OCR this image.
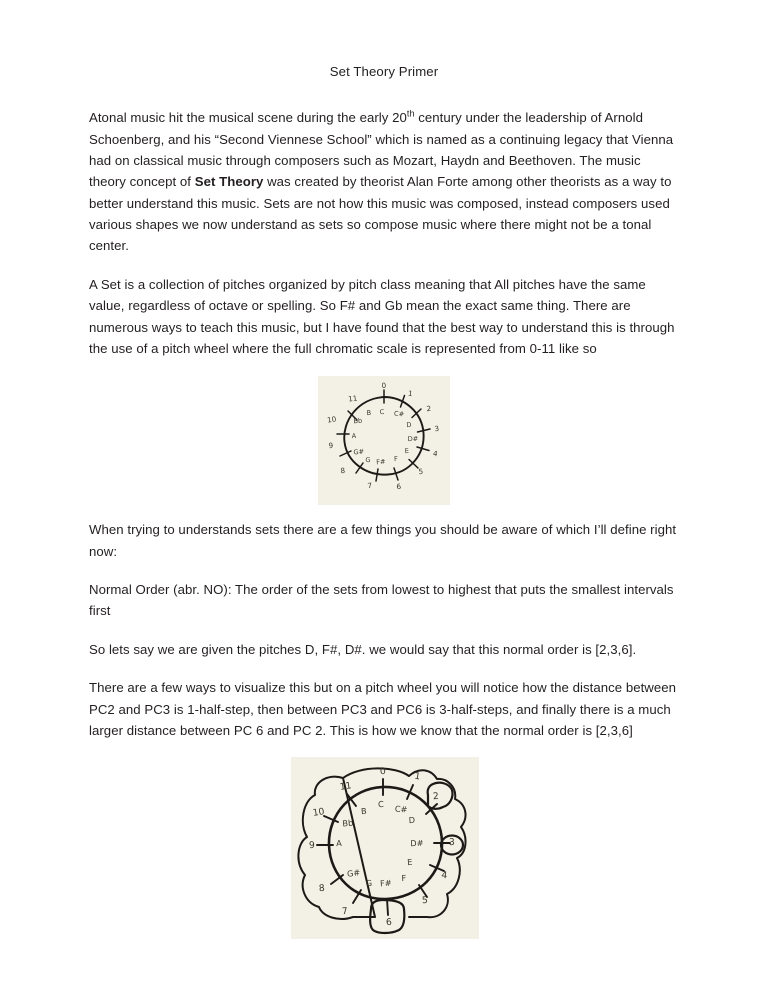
Set Theory Primer

Atonal music hit the musical scene during the early 20th century under the leadership of Arnold Schoenberg, and his “Second Viennese School” which is named as a continuing legacy that Vienna had on classical music through composers such as Mozart, Haydn and Beethoven. The music theory concept of Set Theory was created by theorist Alan Forte among other theorists as a way to better understand this music. Sets are not how this music was composed, instead composers used various shapes we now understand as sets so compose music where there might not be a tonal center.

A Set is a collection of pitches organized by pitch class meaning that All pitches have the same value, regardless of octave or spelling. So F# and Gb mean the exact same thing. There are numerous ways to teach this music, but I have found that the best way to understand this is through the use of a pitch wheel where the full chromatic scale is represented from 0-11 like so

0
1
2
3
4
5
6
7
8
9
10
11
C C#
D
D#
E
F
F#
G
G#
A
Bb
B

When trying to understands sets there are a few things you should be aware of which I’ll define right now:

Normal Order (abr. NO): The order of the sets from lowest to highest that puts the smallest intervals first

So lets say we are given the pitches D, F#, D#. we would say that this normal order is [2,3,6].

There are a few ways to visualize this but on a pitch wheel you will notice how the distance between PC2 and PC3 is 1-half-step, then between PC3 and PC6 is 3-half-steps, and finally there is a much larger distance between PC 6 and PC 2. This is how we know that the normal order is [2,3,6]

0	1
2
3
4
5
6
7
8
9
10
11
C C#
D
D#
E
F
F#
G
G#
A
Bb
B
